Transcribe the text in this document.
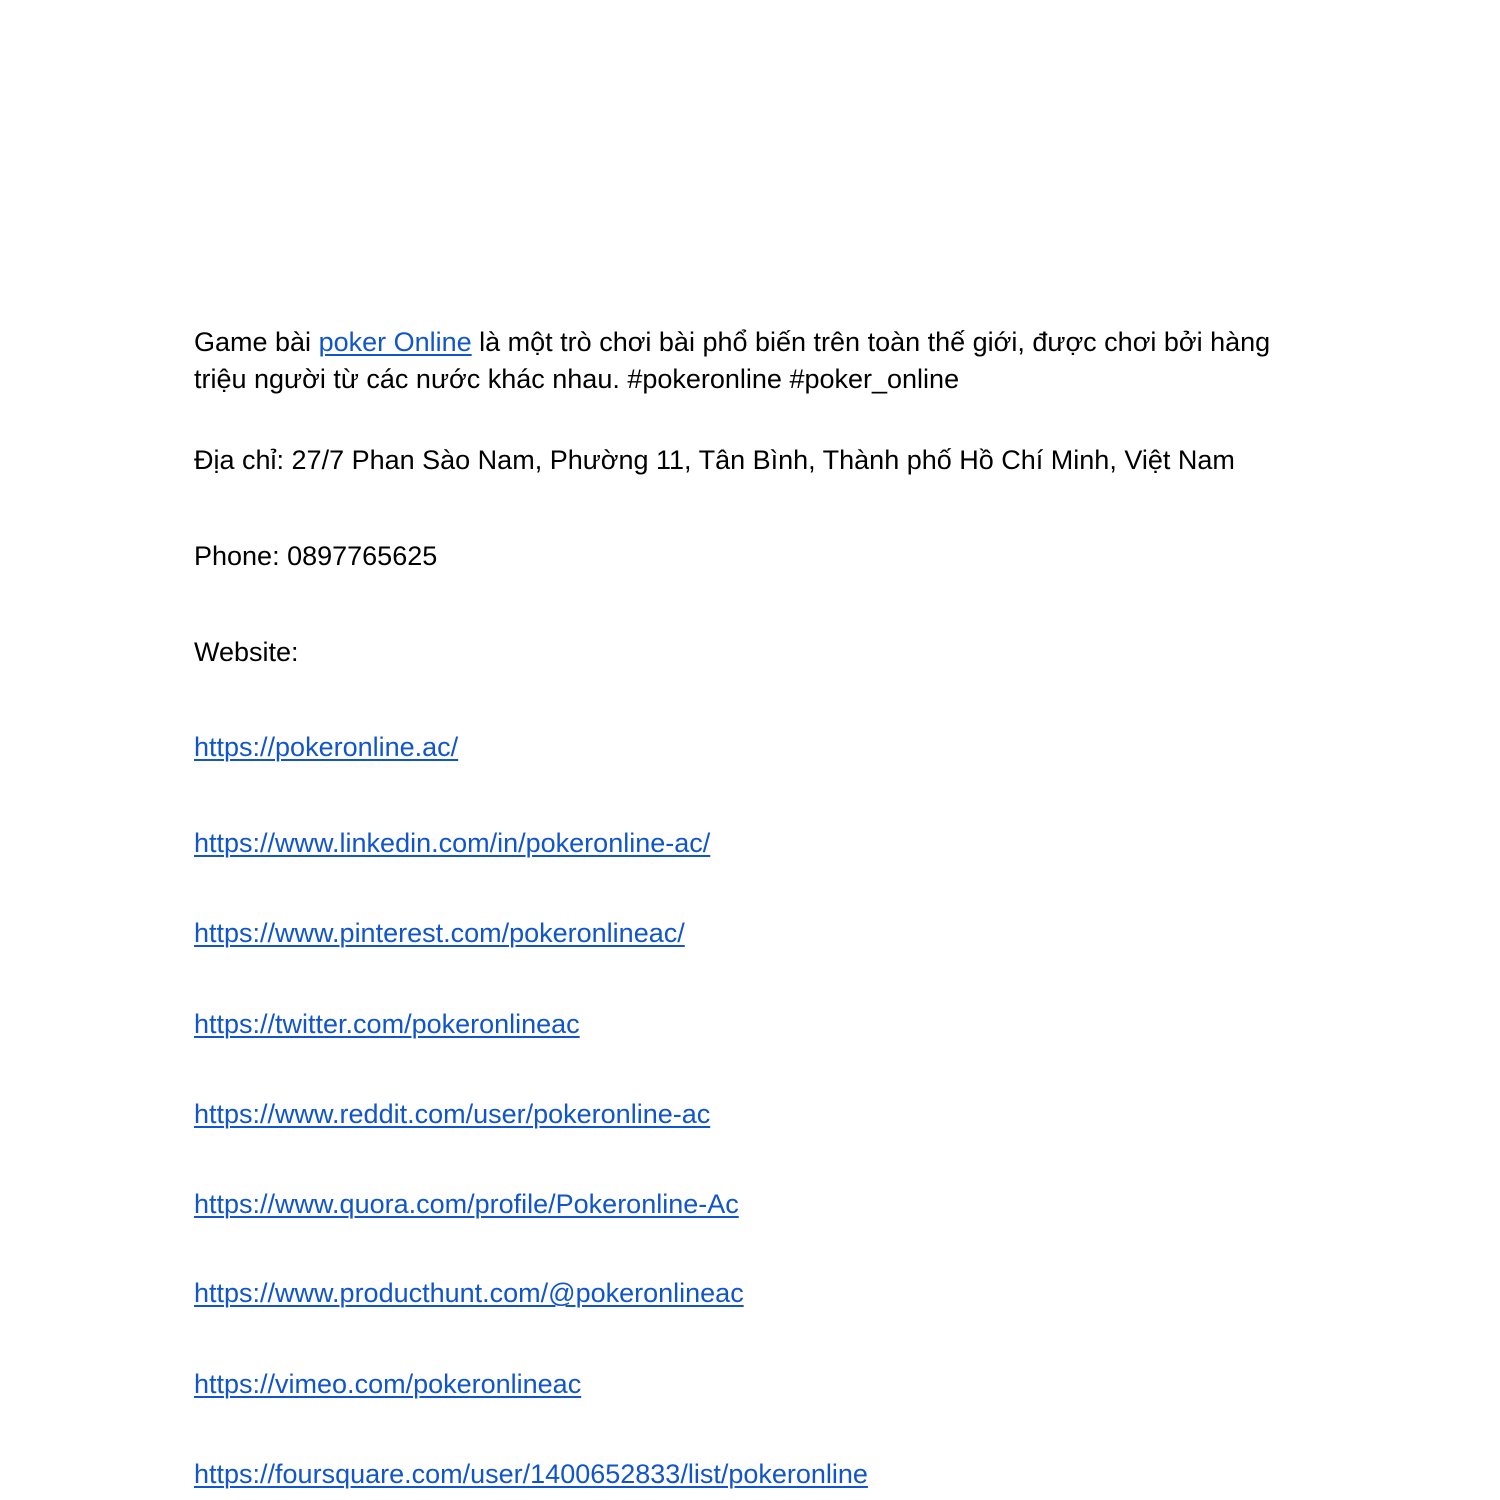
Game bài poker Online là một trò chơi bài phổ biến trên toàn thế giới, được chơi bởi hàng
triệu người từ các nước khác nhau. #pokeronline #poker_online
Địa chỉ: 27/7 Phan Sào Nam, Phường 11, Tân Bình, Thành phố Hồ Chí Minh, Việt Nam
Phone: 0897765625
Website:
https://pokeronline.ac/
https://www.linkedin.com/in/pokeronline-ac/
https://www.pinterest.com/pokeronlineac/
https://twitter.com/pokeronlineac
https://www.reddit.com/user/pokeronline-ac
https://www.quora.com/profile/Pokeronline-Ac
https://www.producthunt.com/@pokeronlineac
https://vimeo.com/pokeronlineac
https://foursquare.com/user/1400652833/list/pokeronline
